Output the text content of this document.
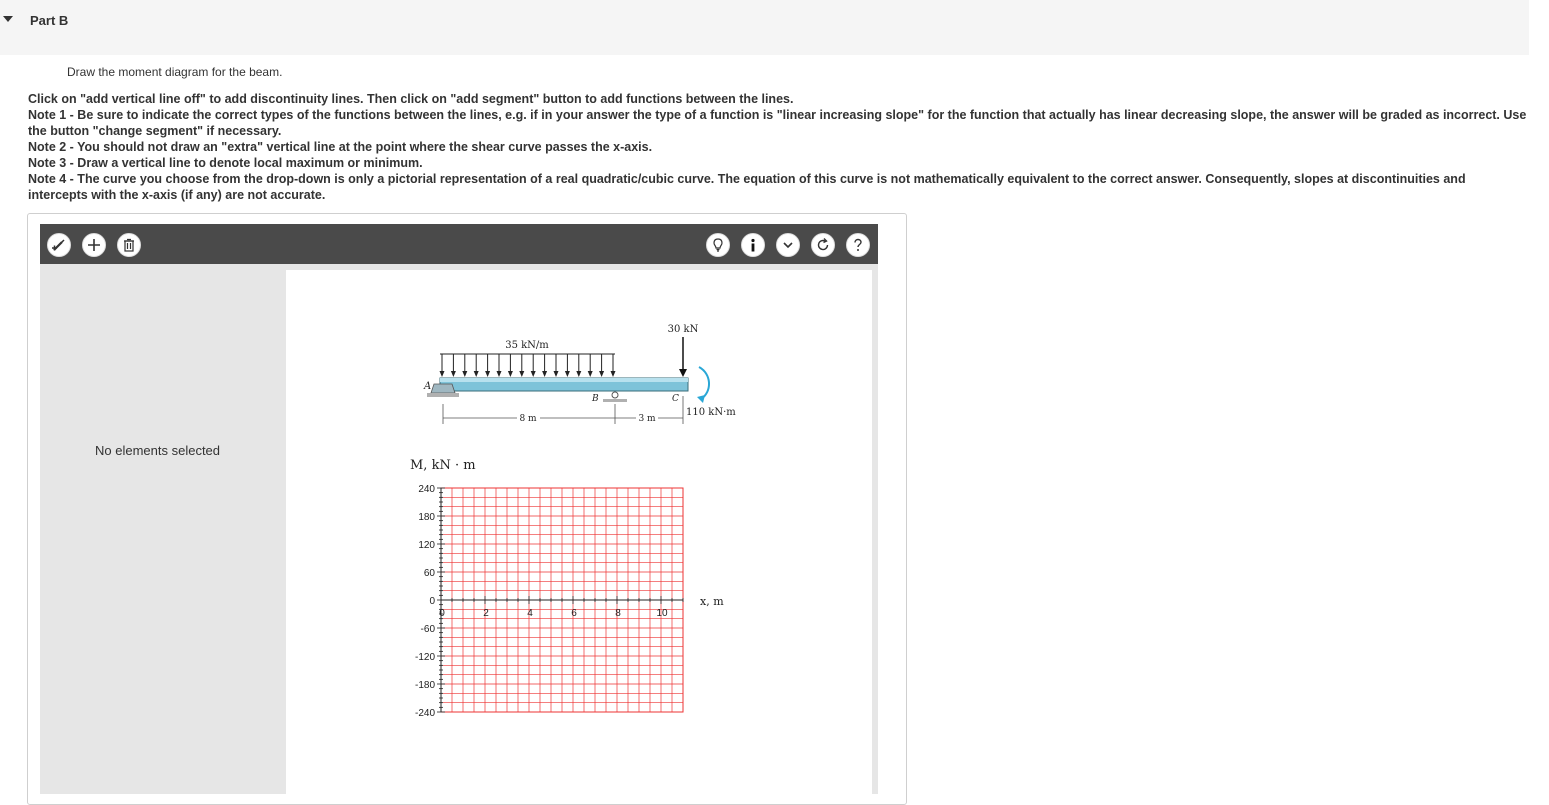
Part B
Draw the moment diagram for the beam.
Click on "add vertical line off" to add discontinuity lines. Then click on "add segment" button to add functions between the lines.
Note 1 - Be sure to indicate the correct types of the functions between the lines, e.g. if in your answer the type of a function is "linear increasing slope" for the function that actually has linear decreasing slope, the answer will be graded as incorrect. Use the button "change segment" if necessary.
Note 2 - You should not draw an "extra" vertical line at the point where the shear curve passes the x-axis.
Note 3 - Draw a vertical line to denote local maximum or minimum.
Note 4 - The curve you choose from the drop-down is only a pictorial representation of a real quadratic/cubic curve. The equation of this curve is not mathematically equivalent to the correct answer. Consequently, slopes at discontinuities and intercepts with the x-axis (if any) are not accurate.
No elements selected
35 kN/m
A
B
30 kN
110 kN·m
C
8 m	3 m
M, kN · m
x, m
240
180
120
60
0
-60
-120
-180
-240
0	2	4	6	8	10
